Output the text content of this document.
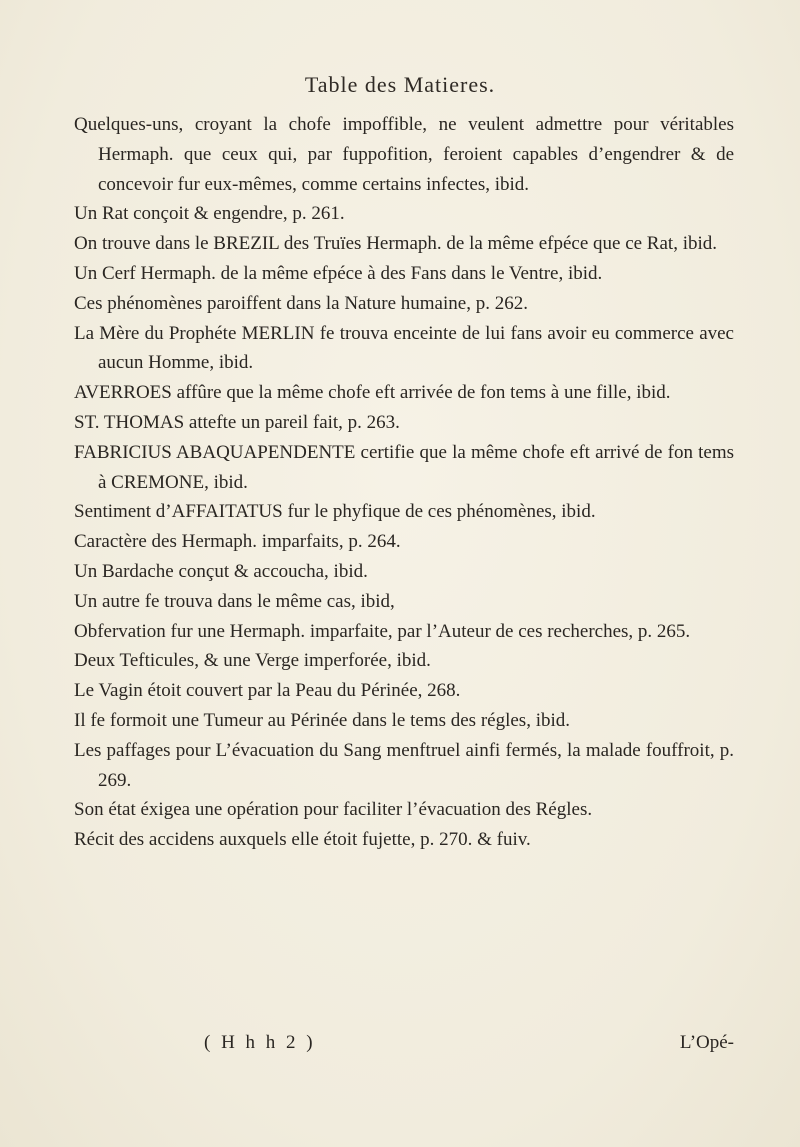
Table des Matieres.

Quelques-uns, croyant la chofe impoffible, ne veulent admettre pour véritables Hermaph. que ceux qui, par fuppofition, feroient capables d’engendrer & de concevoir fur eux-mêmes, comme certains infectes, ibid.

Un Rat conçoit & engendre, p. 261.

On trouve dans le BREZIL des Truïes Hermaph. de la même efpéce que ce Rat, ibid.

Un Cerf Hermaph. de la même efpéce à des Fans dans le Ventre, ibid.

Ces phénomènes paroiffent dans la Nature humaine, p. 262.

La Mère du Prophéte MERLIN fe trouva enceinte de lui fans avoir eu commerce avec aucun Homme, ibid.

AVERROES affûre que la même chofe eft arrivée de fon tems à une fille, ibid.

ST. THOMAS attefte un pareil fait, p. 263.

FABRICIUS ABAQUAPENDENTE certifie que la même chofe eft arrivé de fon tems à CREMONE, ibid.

Sentiment d’AFFAITATUS fur le phyfique de ces phénomènes, ibid.

Caractère des Hermaph. imparfaits, p. 264.

Un Bardache conçut & accoucha, ibid.

Un autre fe trouva dans le même cas, ibid,

Obfervation fur une Hermaph. imparfaite, par l’Auteur de ces recherches, p. 265.

Deux Tefticules, & une Verge imperforée, ibid.

Le Vagin étoit couvert par la Peau du Périnée, 268.

Il fe formoit une Tumeur au Périnée dans le tems des régles, ibid.

Les paffages pour L’évacuation du Sang menftruel ainfi fermés, la malade fouffroit, p. 269.

Son état éxigea une opération pour faciliter l’évacuation des Régles.

Récit des accidens auxquels elle étoit fujette, p. 270. & fuiv.

( H h h 2 )	L’Opé-
